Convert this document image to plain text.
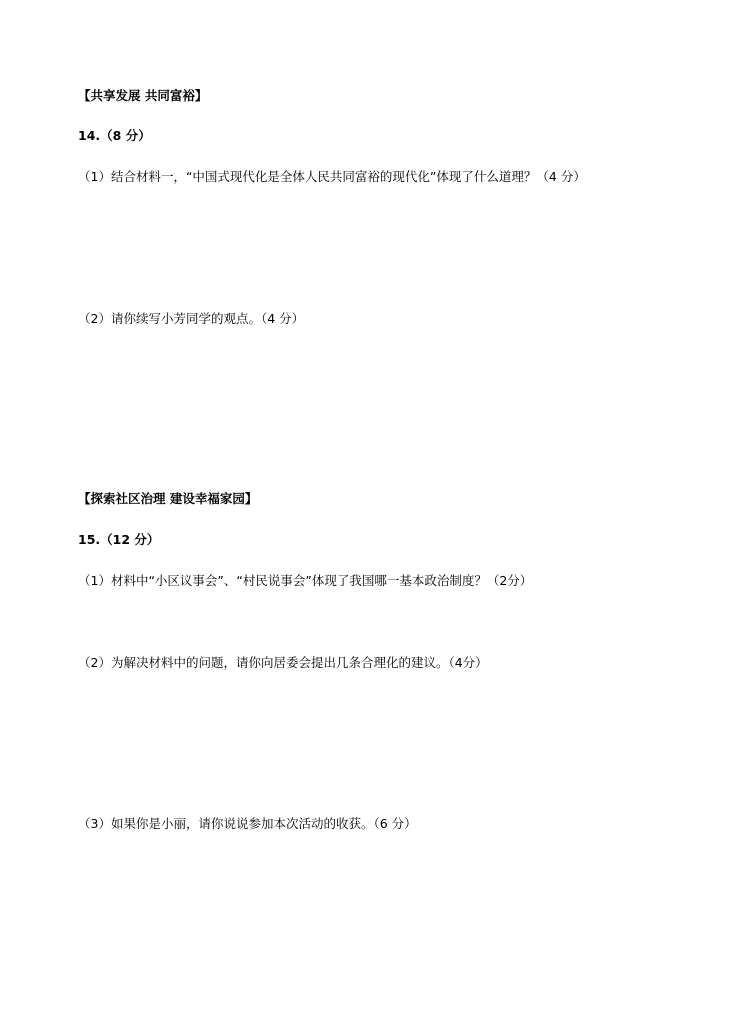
【共享发展 共同富裕】
14.（8 分）
（1）结合材料一，“中国式现代化是全体人民共同富裕的现代化”体现了什么道理？（4 分）
（2）请你续写小芳同学的观点。（4 分）
【探索社区治理 建设幸福家园】
15.（12 分）
（1）材料中“小区议事会”、“村民说事会”体现了我国哪一基本政治制度？（2分）
（2）为解决材料中的问题，请你向居委会提出几条合理化的建议。（4分）
（3）如果你是小丽，请你说说参加本次活动的收获。（6 分）
